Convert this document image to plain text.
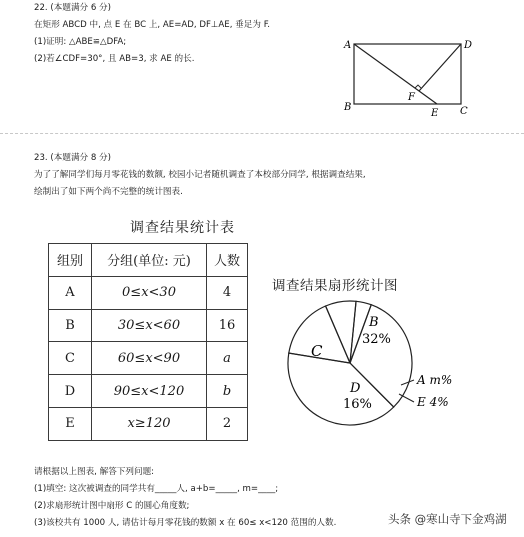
22. (本题满分 6 分)
在矩形 ABCD 中, 点 E 在 BC 上, AE=AD, DF⊥AE, 垂足为 F.
(1)证明: △ABE≌△DFA;
(2)若∠CDF=30°, 且 AB=3, 求 AE 的长.
A	D
B	C
E
F
23. (本题满分 8 分)
为了了解同学们每月零花钱的数额, 校园小记者随机调查了本校部分同学, 根据调查结果,
绘制出了如下两个尚不完整的统计图表.
调查结果统计表
组别	分组(单位: 元)	人数
A	0≤x<30	4
B	30≤x<60	16
C	60≤x<90	a
D	90≤x<120	b
E	x≥120	2
调查结果扇形统计图
B
32%
C
D
16%
A m%
E 4%
请根据以上图表, 解答下列问题:
(1)填空: 这次被调查的同学共有_____人, a+b=_____, m=____;
(2)求扇形统计图中扇形 C 的圆心角度数;
(3)该校共有 1000 人, 请估计每月零花钱的数额 x 在 60≤ x<120 范围的人数.	头条 @寒山寺下金鸡湖
